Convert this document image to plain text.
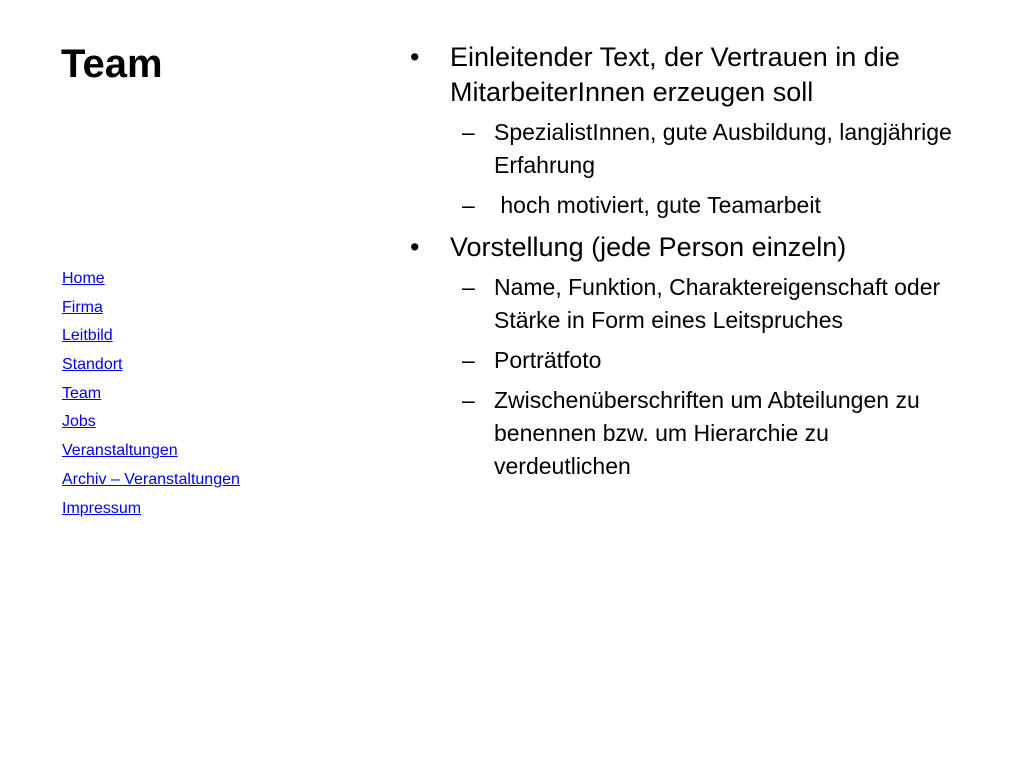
Team
Home
Firma
Leitbild
Standort
Team
Jobs
Veranstaltungen
Archiv – Veranstaltungen
Impressum
•	Einleitender Text, der Vertrauen in die MitarbeiterInnen erzeugen soll
– SpezialistInnen, gute Ausbildung, langjährige Erfahrung
– hoch motiviert, gute Teamarbeit
•	Vorstellung (jede Person einzeln)
– Name, Funktion, Charaktereigenschaft oder Stärke in Form eines Leitspruches
– Porträtfoto
– Zwischenüberschriften um Abteilungen zu benennen bzw. um Hierarchie zu verdeutlichen
